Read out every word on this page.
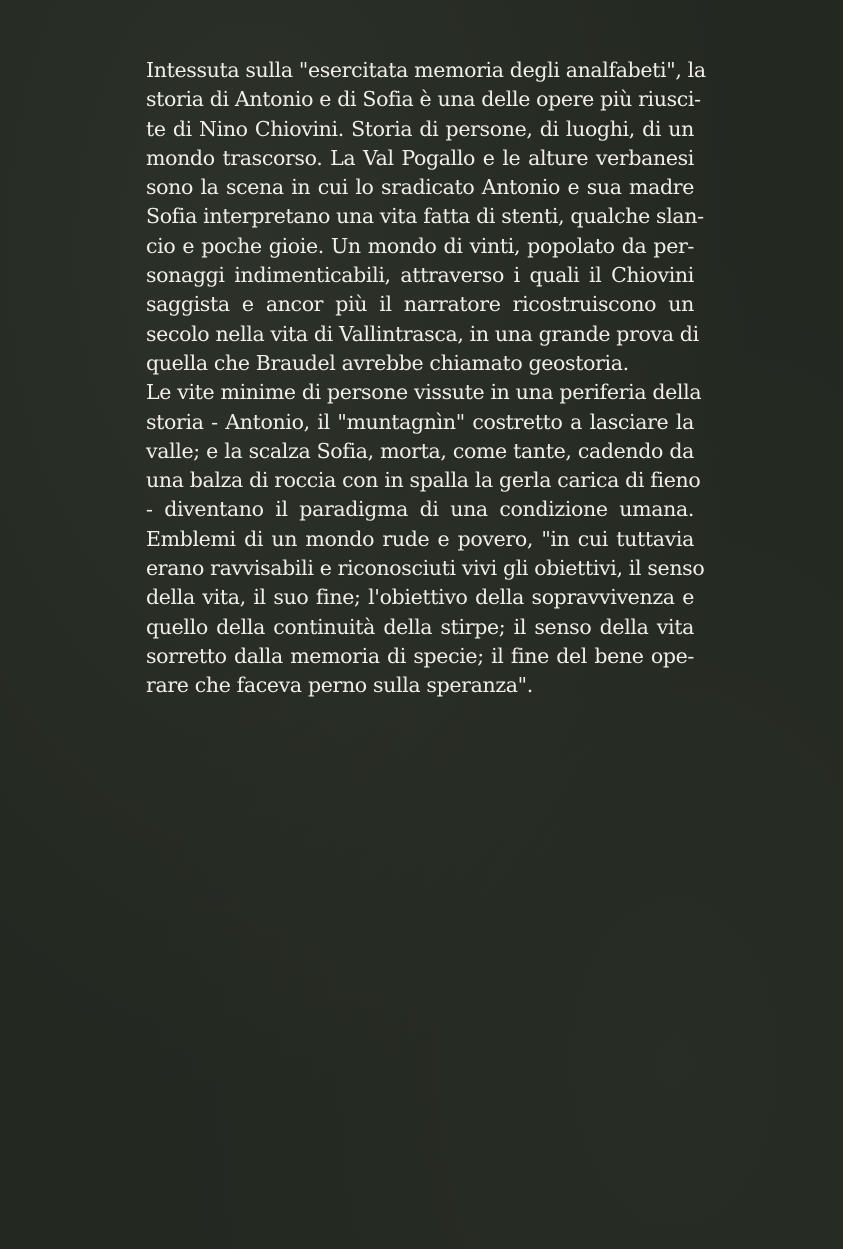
Intessuta sulla "esercitata memoria degli analfabeti", la
storia di Antonio e di Sofia è una delle opere più riusci-
te di Nino Chiovini. Storia di persone, di luoghi, di un
mondo trascorso. La Val Pogallo e le alture verbanesi
sono la scena in cui lo sradicato Antonio e sua madre
Sofia interpretano una vita fatta di stenti, qualche slan-
cio e poche gioie. Un mondo di vinti, popolato da per-
sonaggi indimenticabili, attraverso i quali il Chiovini
saggista e ancor più il narratore ricostruiscono un
secolo nella vita di Vallintrasca, in una grande prova di
quella che Braudel avrebbe chiamato geostoria.
Le vite minime di persone vissute in una periferia della
storia - Antonio, il "muntagnìn" costretto a lasciare la
valle; e la scalza Sofia, morta, come tante, cadendo da
una balza di roccia con in spalla la gerla carica di fieno
- diventano il paradigma di una condizione umana.
Emblemi di un mondo rude e povero, "in cui tuttavia
erano ravvisabili e riconosciuti vivi gli obiettivi, il senso
della vita, il suo fine; l'obiettivo della sopravvivenza e
quello della continuità della stirpe; il senso della vita
sorretto dalla memoria di specie; il fine del bene ope-
rare che faceva perno sulla speranza".
